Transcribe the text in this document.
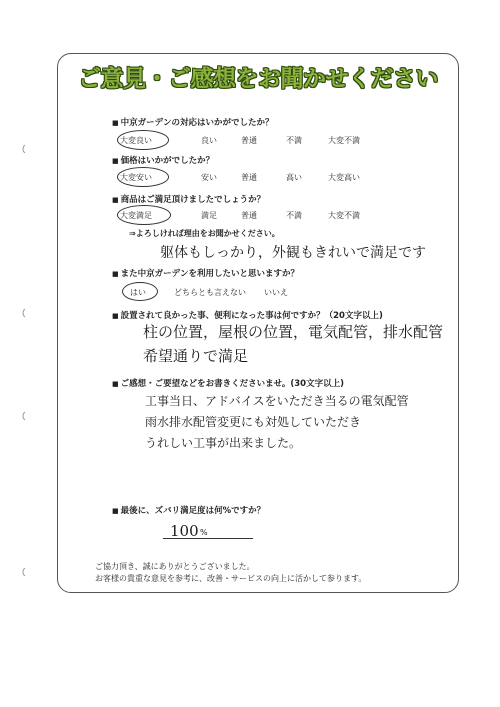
ご意見・ご感想をお聞かせください
■ 中京ガーデンの対応はいかがでしたか？
大変良い	良い	普通	不満	大変不満
■ 価格はいかがでしたか？
大変安い	安い	普通	高い	大変高い
■ 商品はご満足頂けましたでしょうか？
大変満足	満足	普通	不満	大変不満
⇒よろしければ理由をお聞かせください。
躯体もしっかり，外観もきれいで満足です
■ また中京ガーデンを利用したいと思いますか？
はい	どちらとも言えない いいえ
■ 設置されて良かった事、便利になった事は何ですか？（20文字以上)
柱の位置，屋根の位置，電気配管，排水配管
希望通りで満足
■ ご感想・ご要望などをお書きくださいませ。(30文字以上)
工事当日、アドバイスをいただき当るの電気配管
雨水排水配管変更にも対処していただき
うれしい工事が出来ました。
■ 最後に、ズバリ満足度は何%ですか？
100 %
ご協力頂き、誠にありがとうございました。
お客様の貴重な意見を参考に、改善・サービスの向上に活かして参ります。
